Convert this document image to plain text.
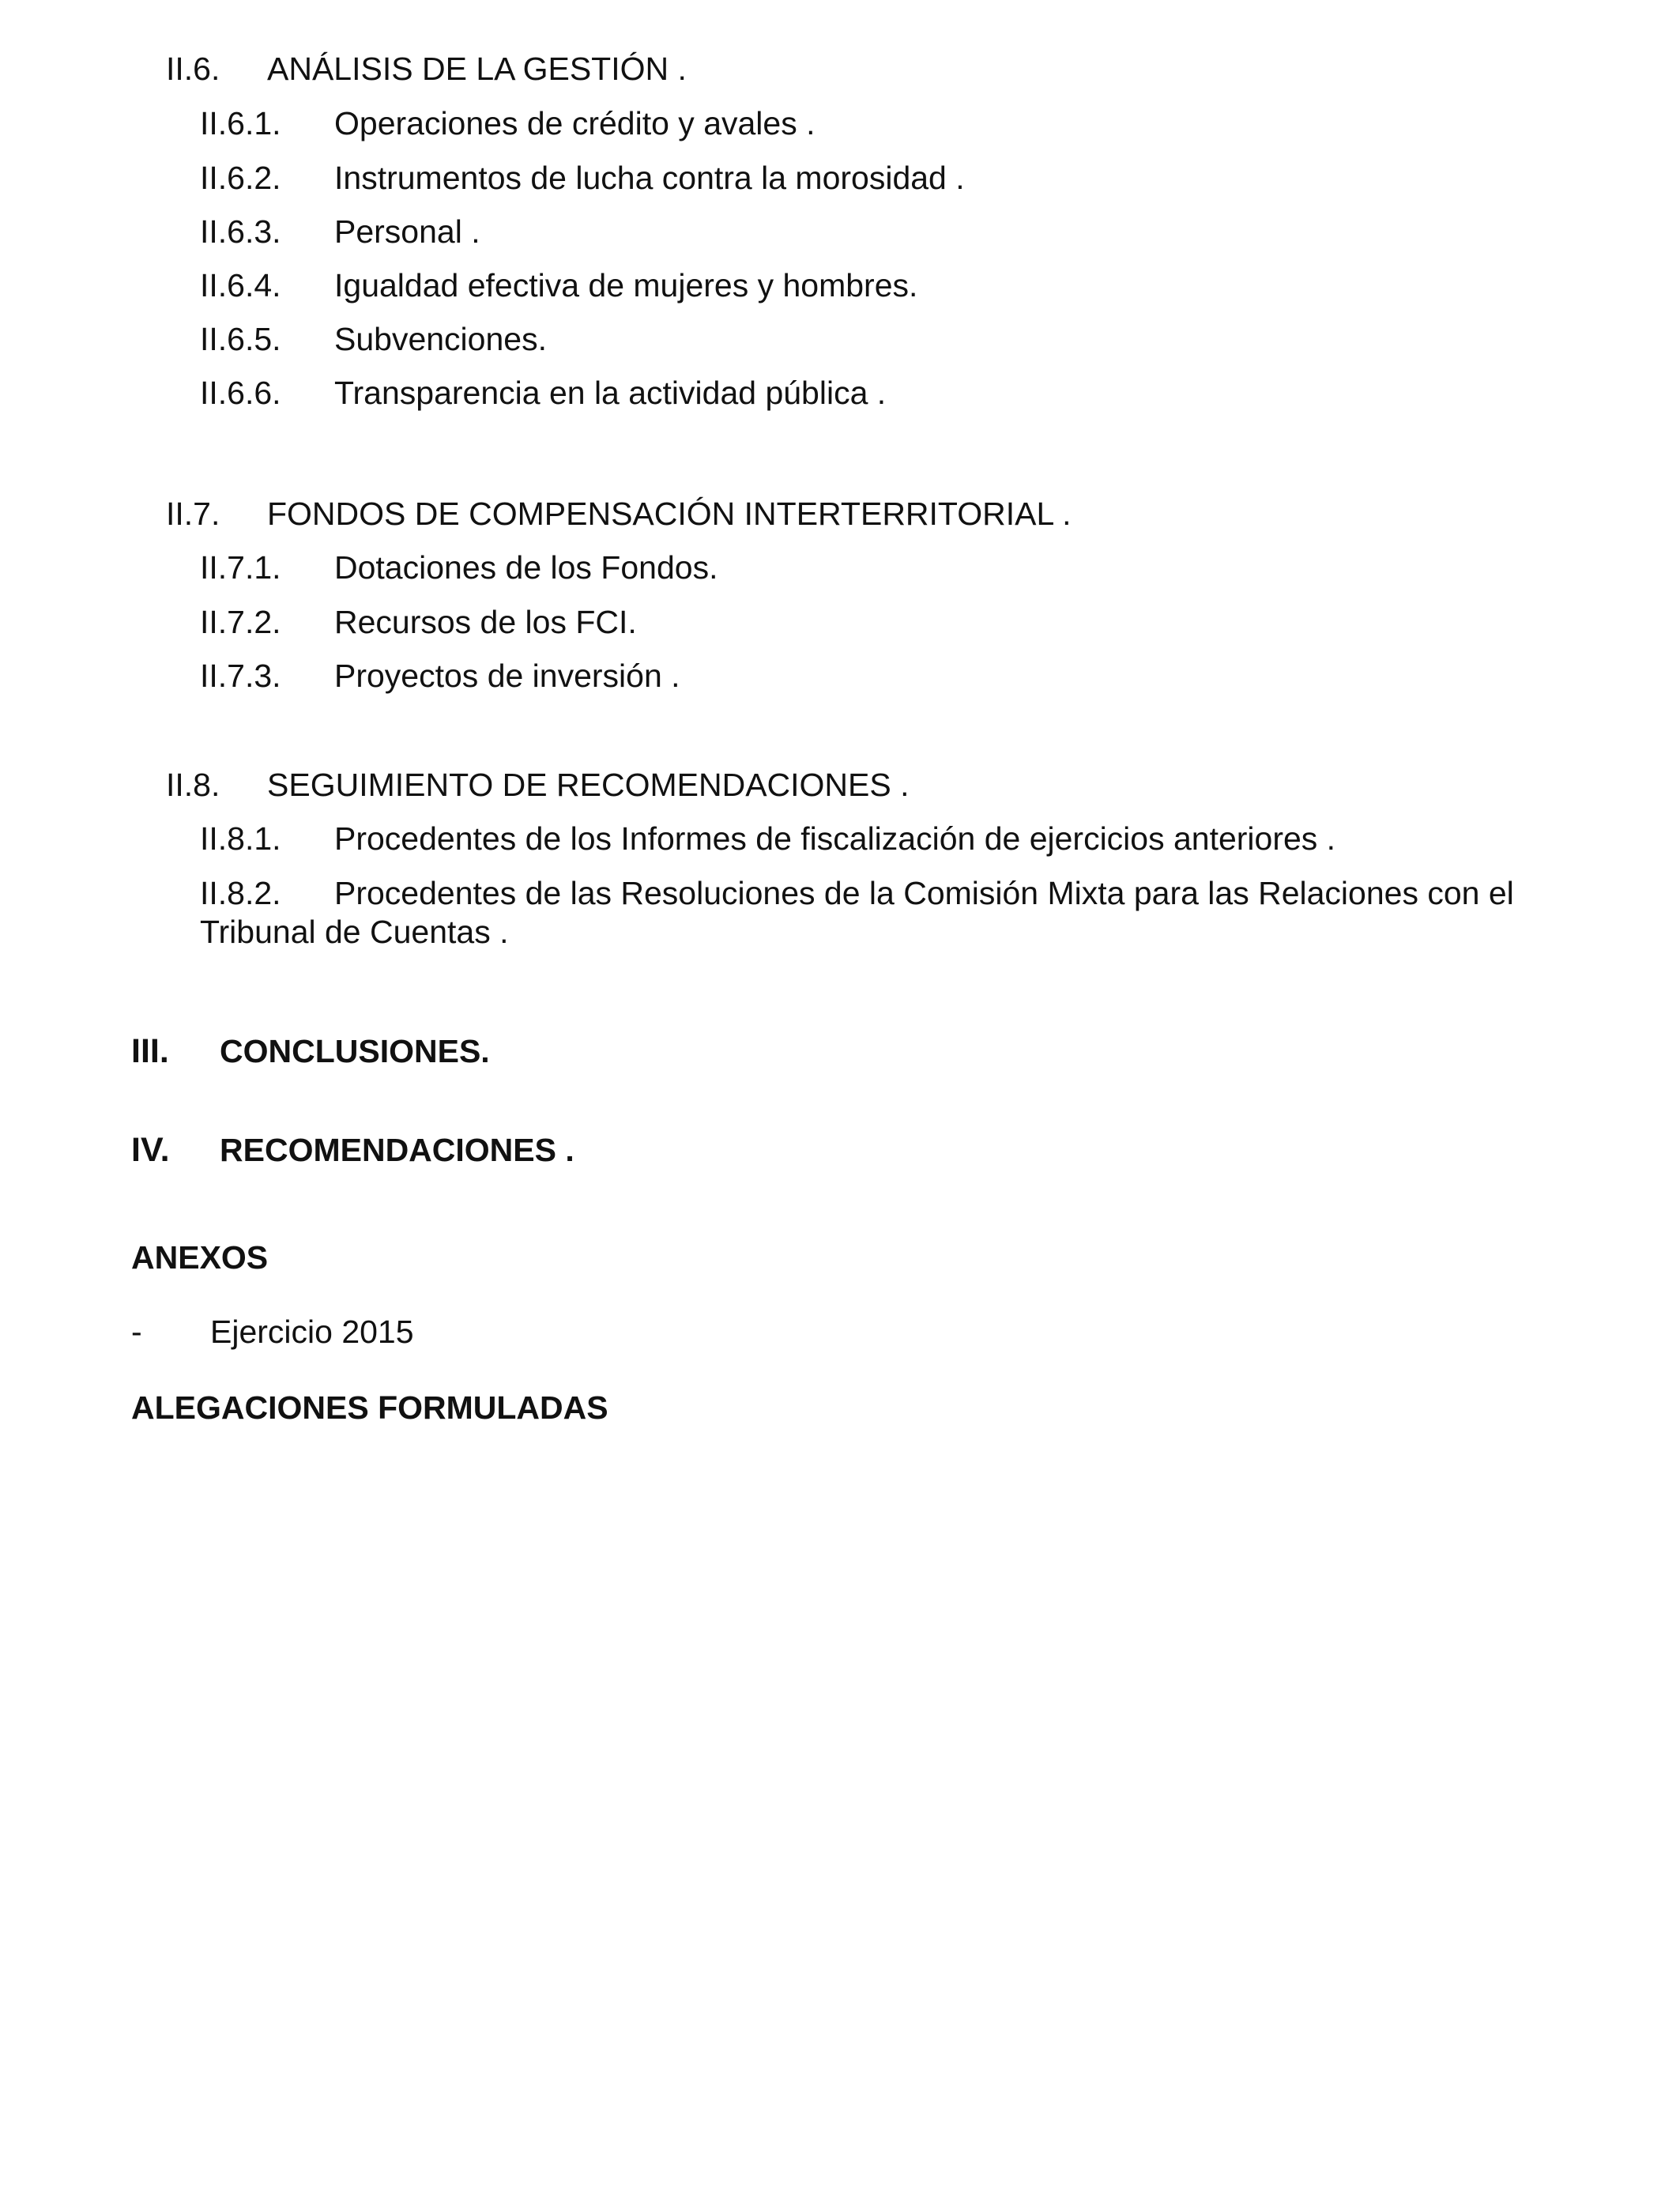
II.6. ANÁLISIS DE LA GESTIÓN .
II.6.1. Operaciones de crédito y avales .
II.6.2. Instrumentos de lucha contra la morosidad .
II.6.3. Personal .
II.6.4. Igualdad efectiva de mujeres y hombres.
II.6.5. Subvenciones.
II.6.6. Transparencia en la actividad pública .
II.7. FONDOS DE COMPENSACIÓN INTERTERRITORIAL .
II.7.1. Dotaciones de los Fondos.
II.7.2. Recursos de los FCI.
II.7.3. Proyectos de inversión .
II.8. SEGUIMIENTO DE RECOMENDACIONES .
II.8.1. Procedentes de los Informes de fiscalización de ejercicios anteriores .
II.8.2. Procedentes de las Resoluciones de la Comisión Mixta para las Relaciones con el
Tribunal de Cuentas .
III. CONCLUSIONES.
IV. RECOMENDACIONES .
ANEXOS
- Ejercicio 2015
ALEGACIONES FORMULADAS
